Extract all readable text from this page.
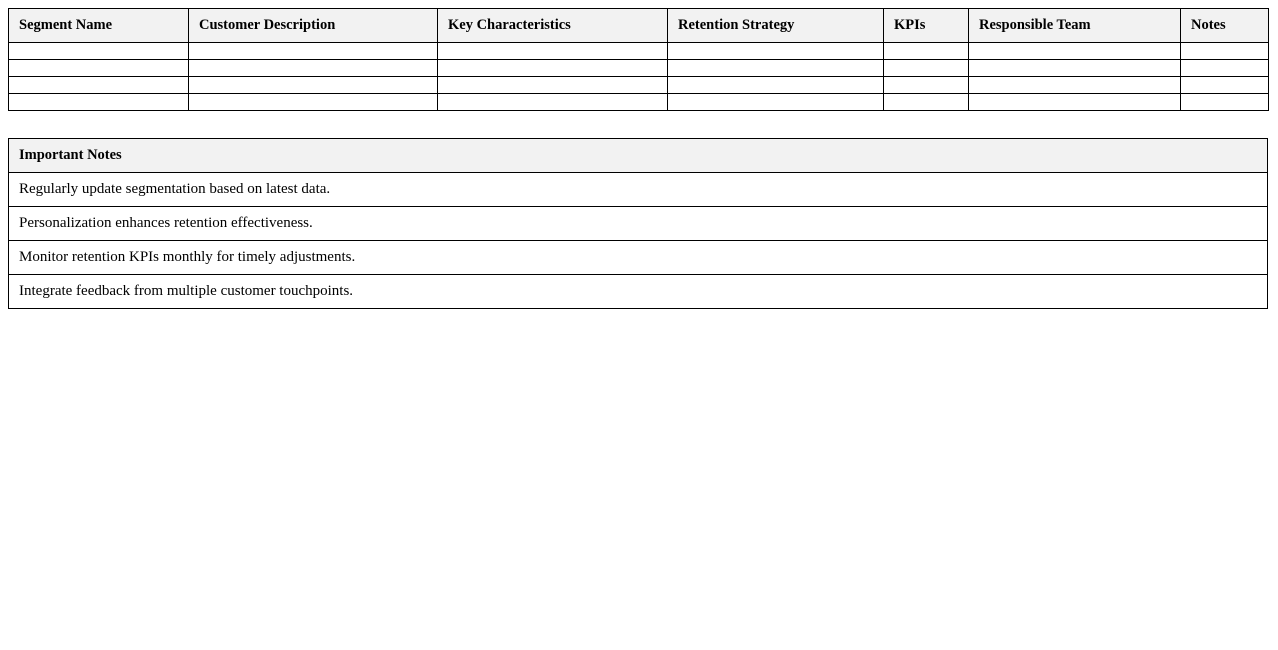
Segment Name	Customer Description	Key Characteristics	Retention Strategy	KPIs	Responsible Team	Notes

Important Notes
Regularly update segmentation based on latest data.
Personalization enhances retention effectiveness.
Monitor retention KPIs monthly for timely adjustments.
Integrate feedback from multiple customer touchpoints.
